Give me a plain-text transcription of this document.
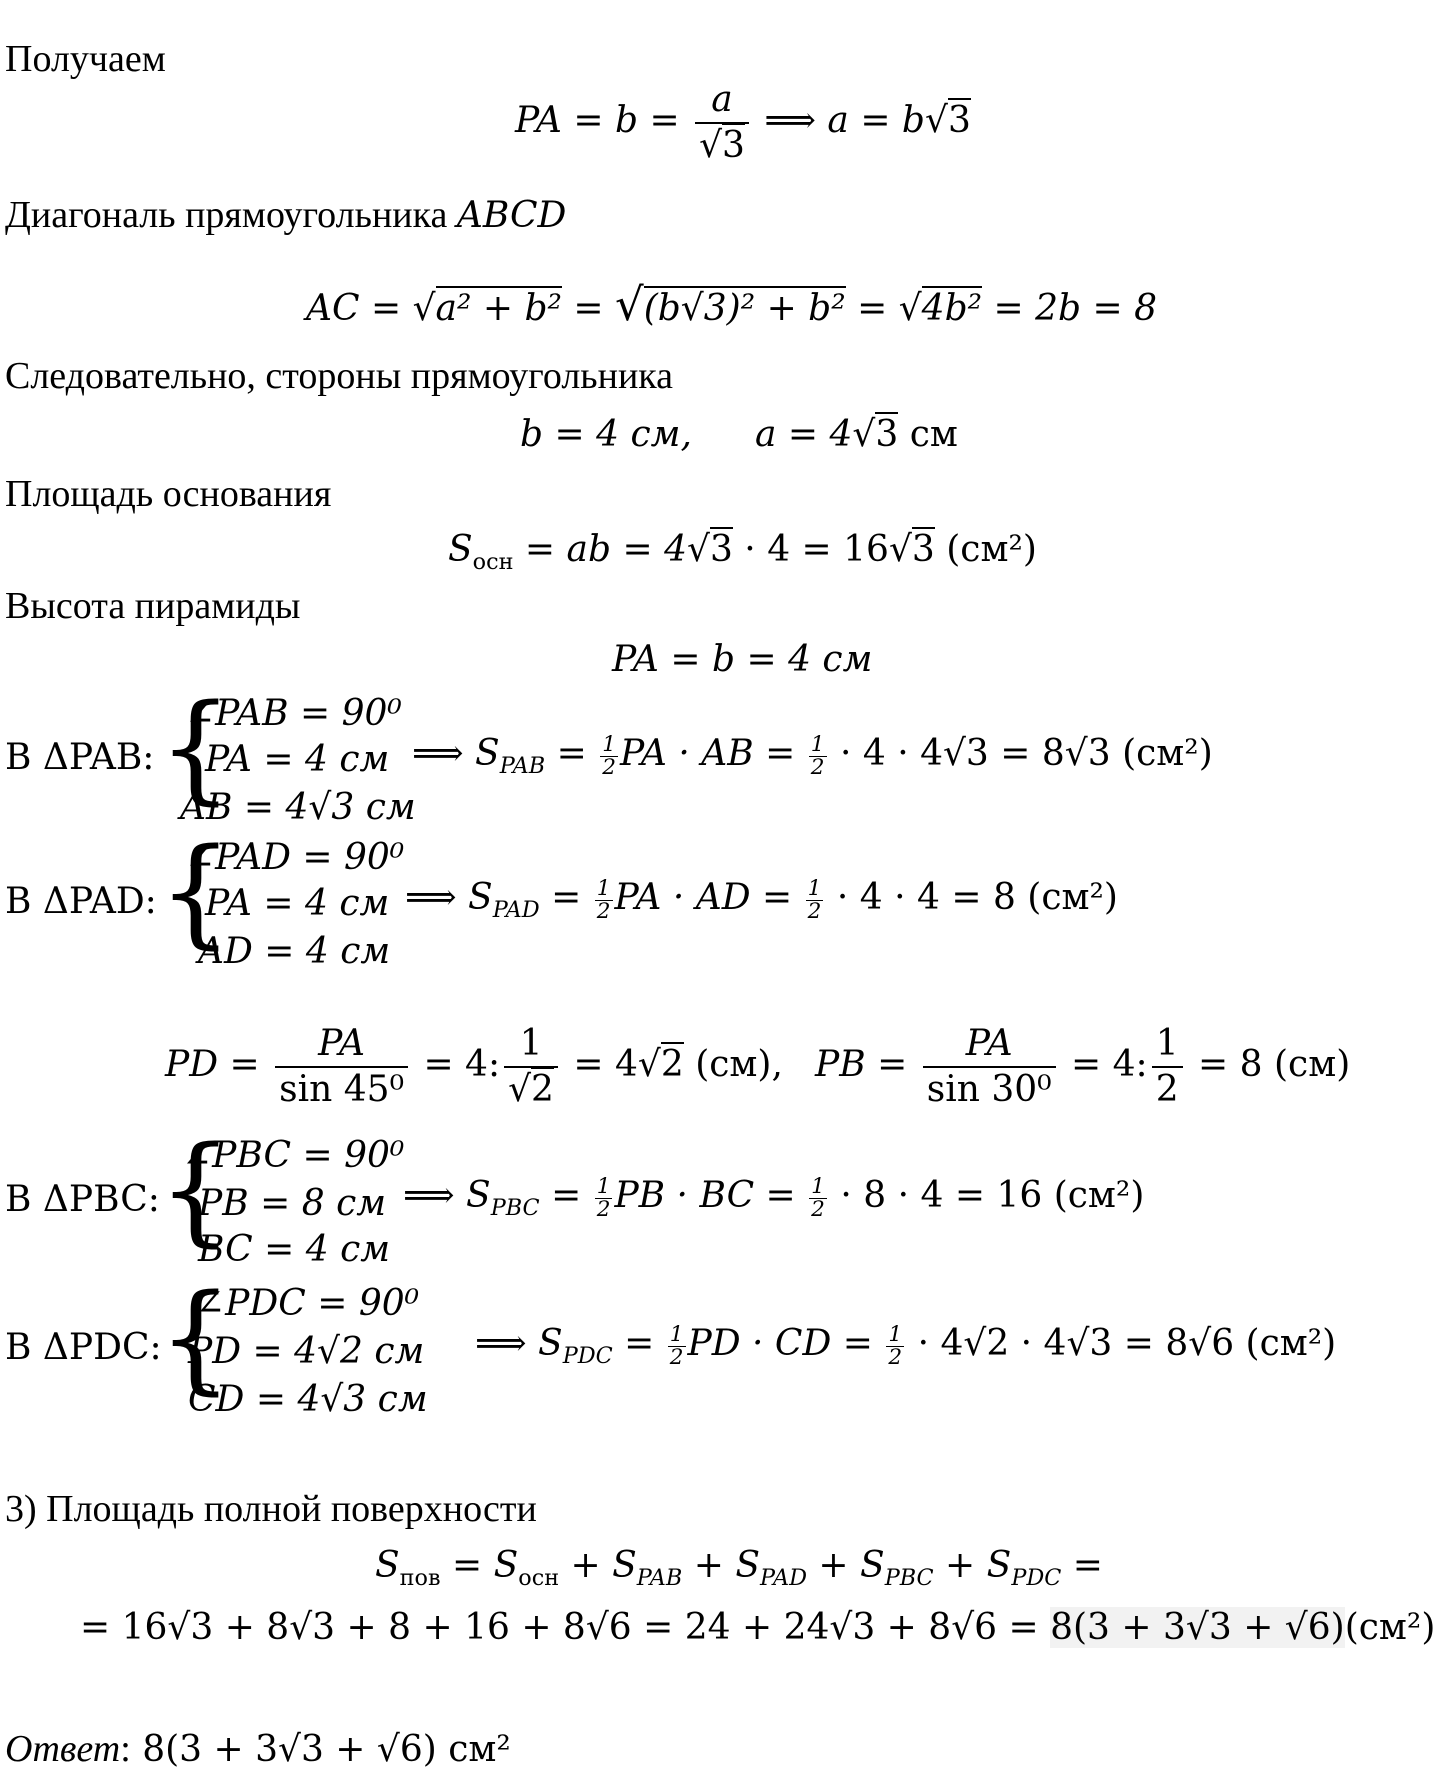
Получаем
PA = $b = \frac{a}{√3}$ ⟹ a = b√3
Диагональ прямоугольника ABCD
AC = √a² + b² = √(b√3)² + b² = √4b² = 2b = 8
Следовательно, стороны прямоугольника
b = 4 см, a = 4√3 см
Площадь основания
$S_{осн}$ = ab = 4√3 · 4 = 16√3 (см²)
Высота пирамиды
PA = b = 4 см
В ΔPAB: {
∠PAB = 90⁰
PA = 4 см
AB = 4√3 см
⟹ $S_{PAB} = \frac{1}{2}$ PA · AB = $\frac{1}{2} \cdot 4 \cdot 4√3 = 8√3$ (см²)
В ΔPAD: {
∠PAD = 90⁰
PA = 4 см
AD = 4 см
⟹ $S_{PAD} = \frac{1}{2}$ PA · AD = $\frac{1}{2} \cdot 4 \cdot 4 = 8$ (см²)
PD = $\frac{PA}{\text{sin 45⁰}} = 4$: $\frac{1}{√2} = 4√2$ (см), PB = $\frac{PA}{\text{sin 30⁰}} = 4$: $\frac{1}{2} = 8$ (см)
В ΔPBC:
{
∠PBC = 90⁰
PB = 8 см
BC = 4 см
⟹ $S_{PBC} = \frac{1}{2}$ PB · BC = $\frac{1}{2} \cdot 8 \cdot 4 = 16$ (см²)
В ΔPDC:
{
∠PDC = 90⁰
PD = 4√2 см
CD = 4√3 см
⟹ $S_{PDC} = \frac{1}{2}$ PD · CD = $\frac{1}{2} \cdot 4√2 \cdot 4√3 = 8√6$ (см²)
3) Площадь полной поверхности
$S_{пов} = S_{осн} + S_{PAB} + S_{PAD} + S_{PBC} + S_{PDC}$ =
= 16√3 + 8√3 + 8 + 16 + 8√6 = 24 + 24√3 + 8√6 = 8(3 + 3√3 + √6)(см²)
Ответ: 8(3 + 3√3 + √6) см²
